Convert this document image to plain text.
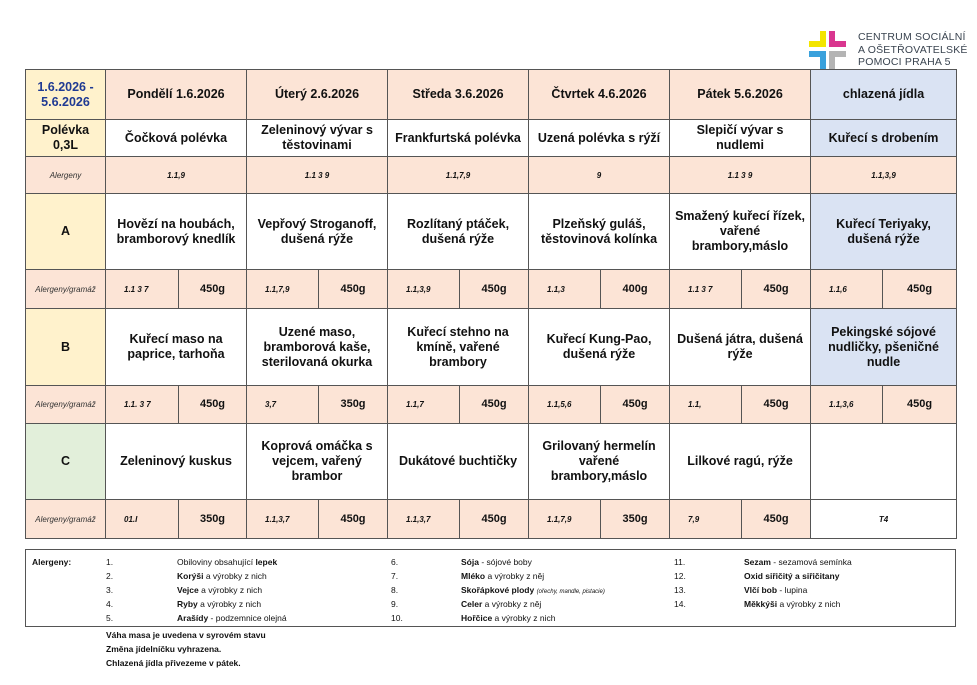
CENTRUM SOCIÁLNÍ
A OŠETŘOVATELSKÉ
POMOCI PRAHA 5
1.6.2026 - 5.6.2026	Pondělí 1.6.2026		Úterý 2.6.2026		Středa 3.6.2026		Čtvrtek 4.6.2026		Pátek 5.6.2026		chlazená jídla	
Polévka 0,3L	Čočková polévka		Zeleninový vývar s těstovinami		Frankfurtská polévka		Uzená polévka s rýží		Slepičí vývar s nudlemi		Kuřecí s drobením	
Alergeny	1.1,9		1.1 3 9		1.1,7,9		9		1.1 3 9		1.1,3,9	
A	Hovězí na houbách, bramborový knedlík		Vepřový Stroganoff, dušená rýže		Rozlítaný ptáček, dušená rýže		Plzeňský guláš, těstovinová kolínka		Smažený kuřecí řízek, vařené brambory,máslo		Kuřecí Teriyaky, dušená rýže	
Alergeny/gramáž	1.1 3 7	450g	1.1,7,9	450g	1.1,3,9	450g	1.1,3	400g	1.1 3 7	450g	1.1,6	450g
B	Kuřecí maso na paprice, tarhoňa		Uzené maso, bramborová kaše, sterilovaná okurka		Kuřecí stehno na kmíně, vařené brambory		Kuřecí Kung-Pao, dušená rýže		Dušená játra, dušená rýže		Pekingské sójové nudličky, pšeničné nudle	
Alergeny/gramáž	1.1. 3 7	450g	3,7	350g	1.1,7	450g	1.1,5,6	450g	1.1,	450g	1.1,3,6	450g
C	Zeleninový kuskus		Koprová omáčka s vejcem, vařený brambor		Dukátové buchtičky		Grilovaný hermelín vařené brambory,máslo		Lilkové ragú, rýže			
Alergeny/gramáž	01.I	350g	1.1,3,7	450g	1.1,3,7	450g	1.1,7,9	350g	7,9	450g	T4	
Alergeny:	1.	Obiloviny obsahující lepek
2.	Korýši a výrobky z nich
3.	Vejce a výrobky z nich
4.	Ryby a výrobky z nich
5.	Arašídy - podzemnice olejná
6.	Sója - sójové boby
7.	Mléko a výrobky z něj
8.	Skořápkové plody (ořechy, mandle, pistacie)
9.	Celer a výrobky z něj
10.	Hořčice a výrobky z nich
11.	Sezam - sezamová semínka
12.	Oxid siřičitý a siřičitany
13.	Vlčí bob - lupina
14.	Měkkýši a výrobky z nich
Váha masa je uvedena v syrovém stavu
Změna jídelníčku vyhrazena.
Chlazená jídla přivezeme v pátek.
